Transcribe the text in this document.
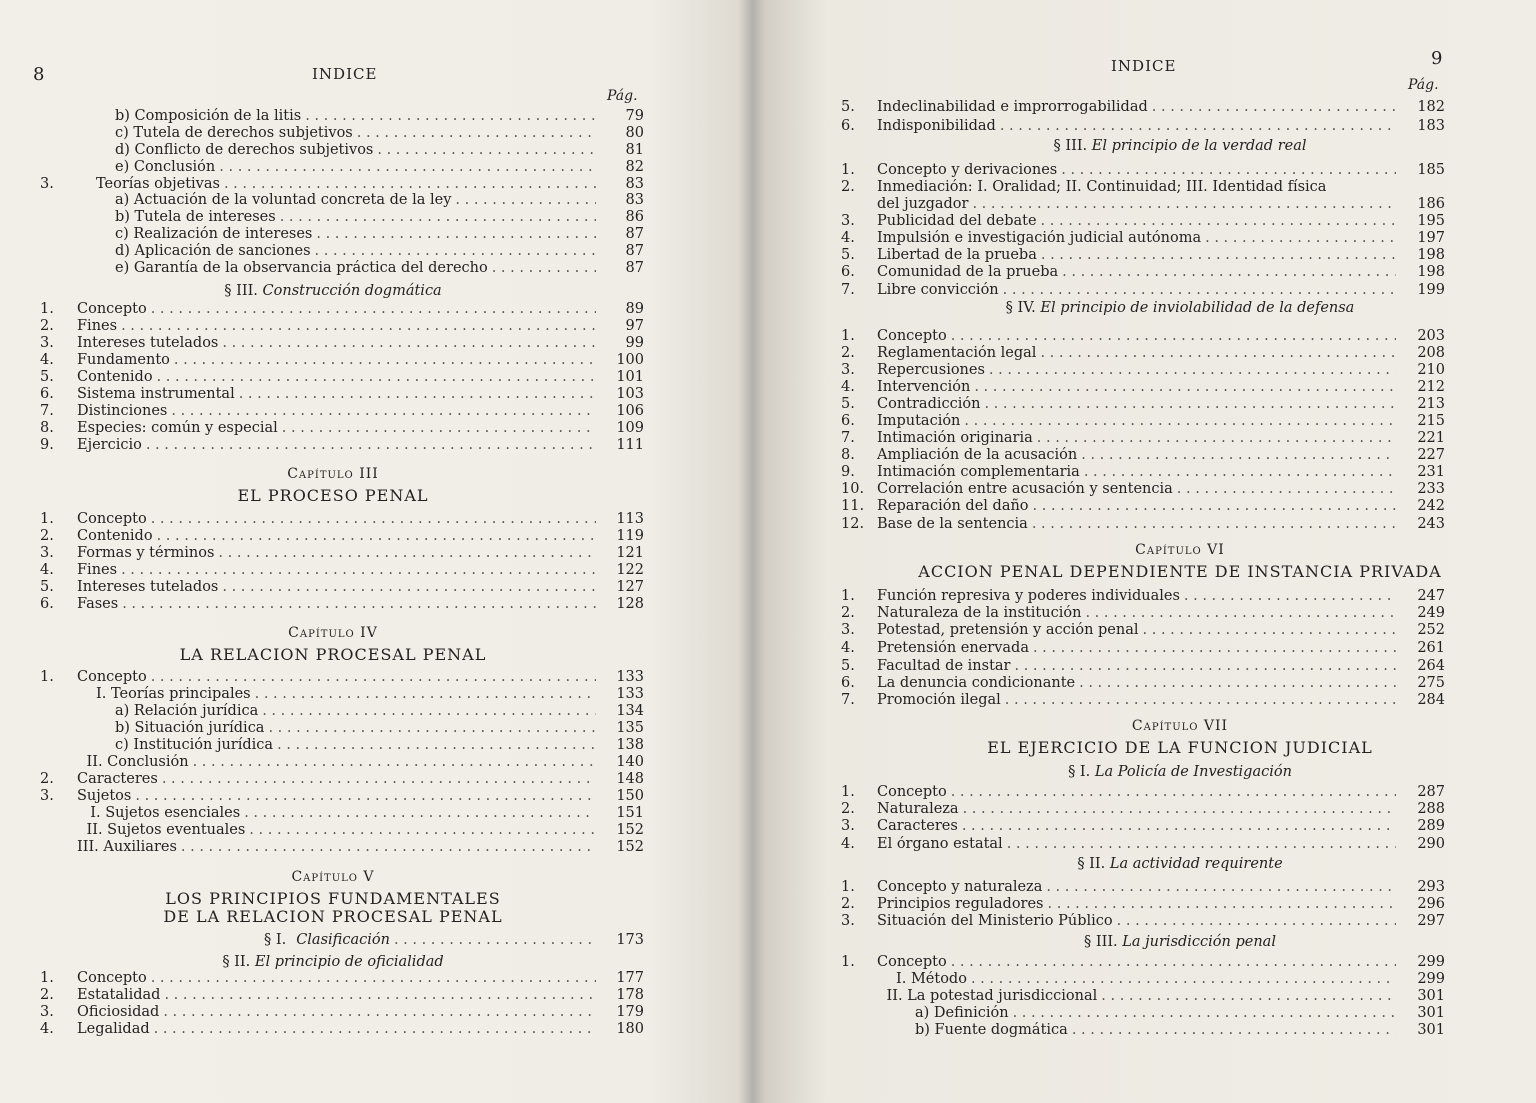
8	INDICE
Pág.
b) Composición de la litis . . .	79
c) Tutela de derechos subjetivos . . .	80
d) Conflicto de derechos subjetivos . . .	81
e) Conclusión . . .	82
3.	Teorías objetivas . . .	83
a) Actuación de la voluntad concreta de la ley . . .	83
b) Tutela de intereses . . .	86
c) Realización de intereses . . .	87
d) Aplicación de sanciones . . .	87
e) Garantía de la observancia práctica del derecho . . .	87
1. Concepto . . .	89
2. Fines . . .	97
3. Intereses tutelados . . .	99
4. Fundamento . . .	100
5. Contenido . . .	101
6. Sistema instrumental . . .	103
7. Distinciones . . .	106
8. Especies: común y especial . . .	109
9. Ejercicio . . .	111
1. Concepto . . .	113
2. Contenido . . .	119
3. Formas y términos . . .	121
4. Fines . . .	122
5. Intereses tutelados . . .	127
6. Fases . . .	128
1. Concepto . . .	133
I. Teorías principales . . .	133
a) Relación jurídica . . .	134
b) Situación jurídica . . .	135
c) Institución jurídica . . .	138
II. Conclusión . . .	140
2. Caracteres . . .	148
3. Sujetos . . .	150
I. Sujetos esenciales . . .	151
II. Sujetos eventuales . . .	152
III. Auxiliares . . .	152
1. Concepto . . .	177
2. Estatalidad . . .	178
3. Oficiosidad . . .	179
4. Legalidad . . .	180
§ III. Construcción dogmática
§ II. El principio de oficialidad
Capítulo III
EL PROCESO PENAL
Capítulo IV
LA RELACION PROCESAL PENAL
Capítulo V
LOS PRINCIPIOS FUNDAMENTALES
DE LA RELACION PROCESAL PENAL
§ I. Clasificación . . .	173
9
INDICE
Pág.
5. Indeclinabilidad e improrrogabilidad . . .	182
6. Indisponibilidad . . .	183
1. Concepto y derivaciones . . .	185
2. Inmediación: I. Oralidad; II. Continuidad; III. Identidad física
del juzgador . . .	186
3. Publicidad del debate . . .	195
4. Impulsión e investigación judicial autónoma . . .	197
5. Libertad de la prueba . . .	198
6. Comunidad de la prueba . . .	198
7. Libre convicción . . .	199
1. Concepto . . .	203
2. Reglamentación legal . . .	208
3. Repercusiones . . .	210
4. Intervención . . .	212
5. Contradicción . . .	213
6. Imputación . . .	215
7. Intimación originaria . . .	221
8. Ampliación de la acusación . . .	227
9. Intimación complementaria . . .	231
10. Correlación entre acusación y sentencia . . .	233
11. Reparación del daño . . .	242
12. Base de la sentencia . . .	243
1. Función represiva y poderes individuales . . .	247
2. Naturaleza de la institución . . .	249
3. Potestad, pretensión y acción penal . . .	252
4. Pretensión enervada . . .	261
5. Facultad de instar . . .	264
6. La denuncia condicionante . . .	275
7. Promoción ilegal . . .	284
1. Concepto . . .	287
2. Naturaleza . . .	288
3. Caracteres . . .	289
4. El órgano estatal . . .	290
1. Concepto y naturaleza . . .	293
2. Principios reguladores . . .	296
3. Situación del Ministerio Público . . .	297
1. Concepto . . .	299
I. Método . . .	299
II. La potestad jurisdiccional . . .	301
a) Definición . . .	301
b) Fuente dogmática . . .	301
§ III. El principio de la verdad real
§ IV. El principio de inviolabilidad de la defensa
§ I. La Policía de Investigación
§ II. La actividad requirente
§ III. La jurisdicción penal
Capítulo VI
ACCION PENAL DEPENDIENTE DE INSTANCIA PRIVADA
Capítulo VII
EL EJERCICIO DE LA FUNCION JUDICIAL
